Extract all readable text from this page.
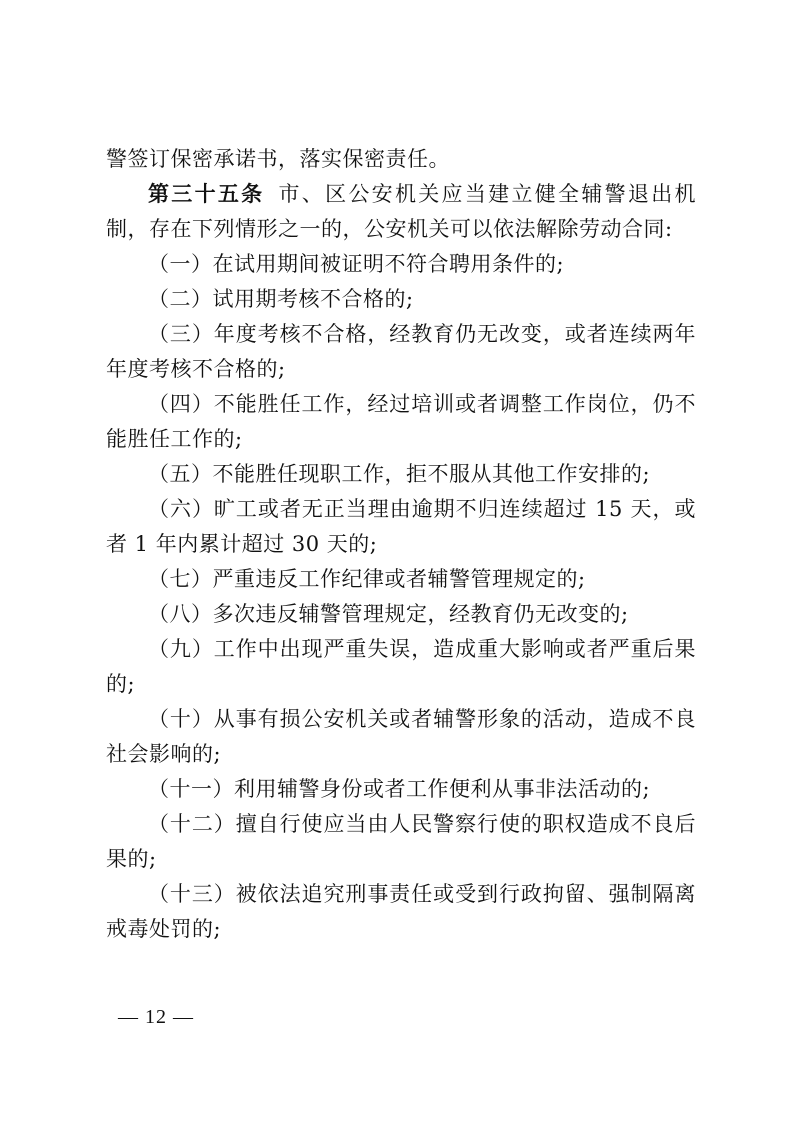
警签订保密承诺书，落实保密责任。

第三十五条 市、区公安机关应当建立健全辅警退出机制，存在下列情形之一的，公安机关可以依法解除劳动合同:

（一）在试用期间被证明不符合聘用条件的;

（二）试用期考核不合格的;

（三）年度考核不合格，经教育仍无改变，或者连续两年年度考核不合格的;

（四）不能胜任工作，经过培训或者调整工作岗位，仍不能胜任工作的;

（五）不能胜任现职工作，拒不服从其他工作安排的;

（六）旷工或者无正当理由逾期不归连续超过 15 天，或者 1 年内累计超过 30 天的;

（七）严重违反工作纪律或者辅警管理规定的;

（八）多次违反辅警管理规定，经教育仍无改变的;

（九）工作中出现严重失误，造成重大影响或者严重后果的;

（十）从事有损公安机关或者辅警形象的活动，造成不良社会影响的;

（十一）利用辅警身份或者工作便利从事非法活动的;

（十二）擅自行使应当由人民警察行使的职权造成不良后果的;

（十三）被依法追究刑事责任或受到行政拘留、强制隔离戒毒处罚的;

— 12 —
